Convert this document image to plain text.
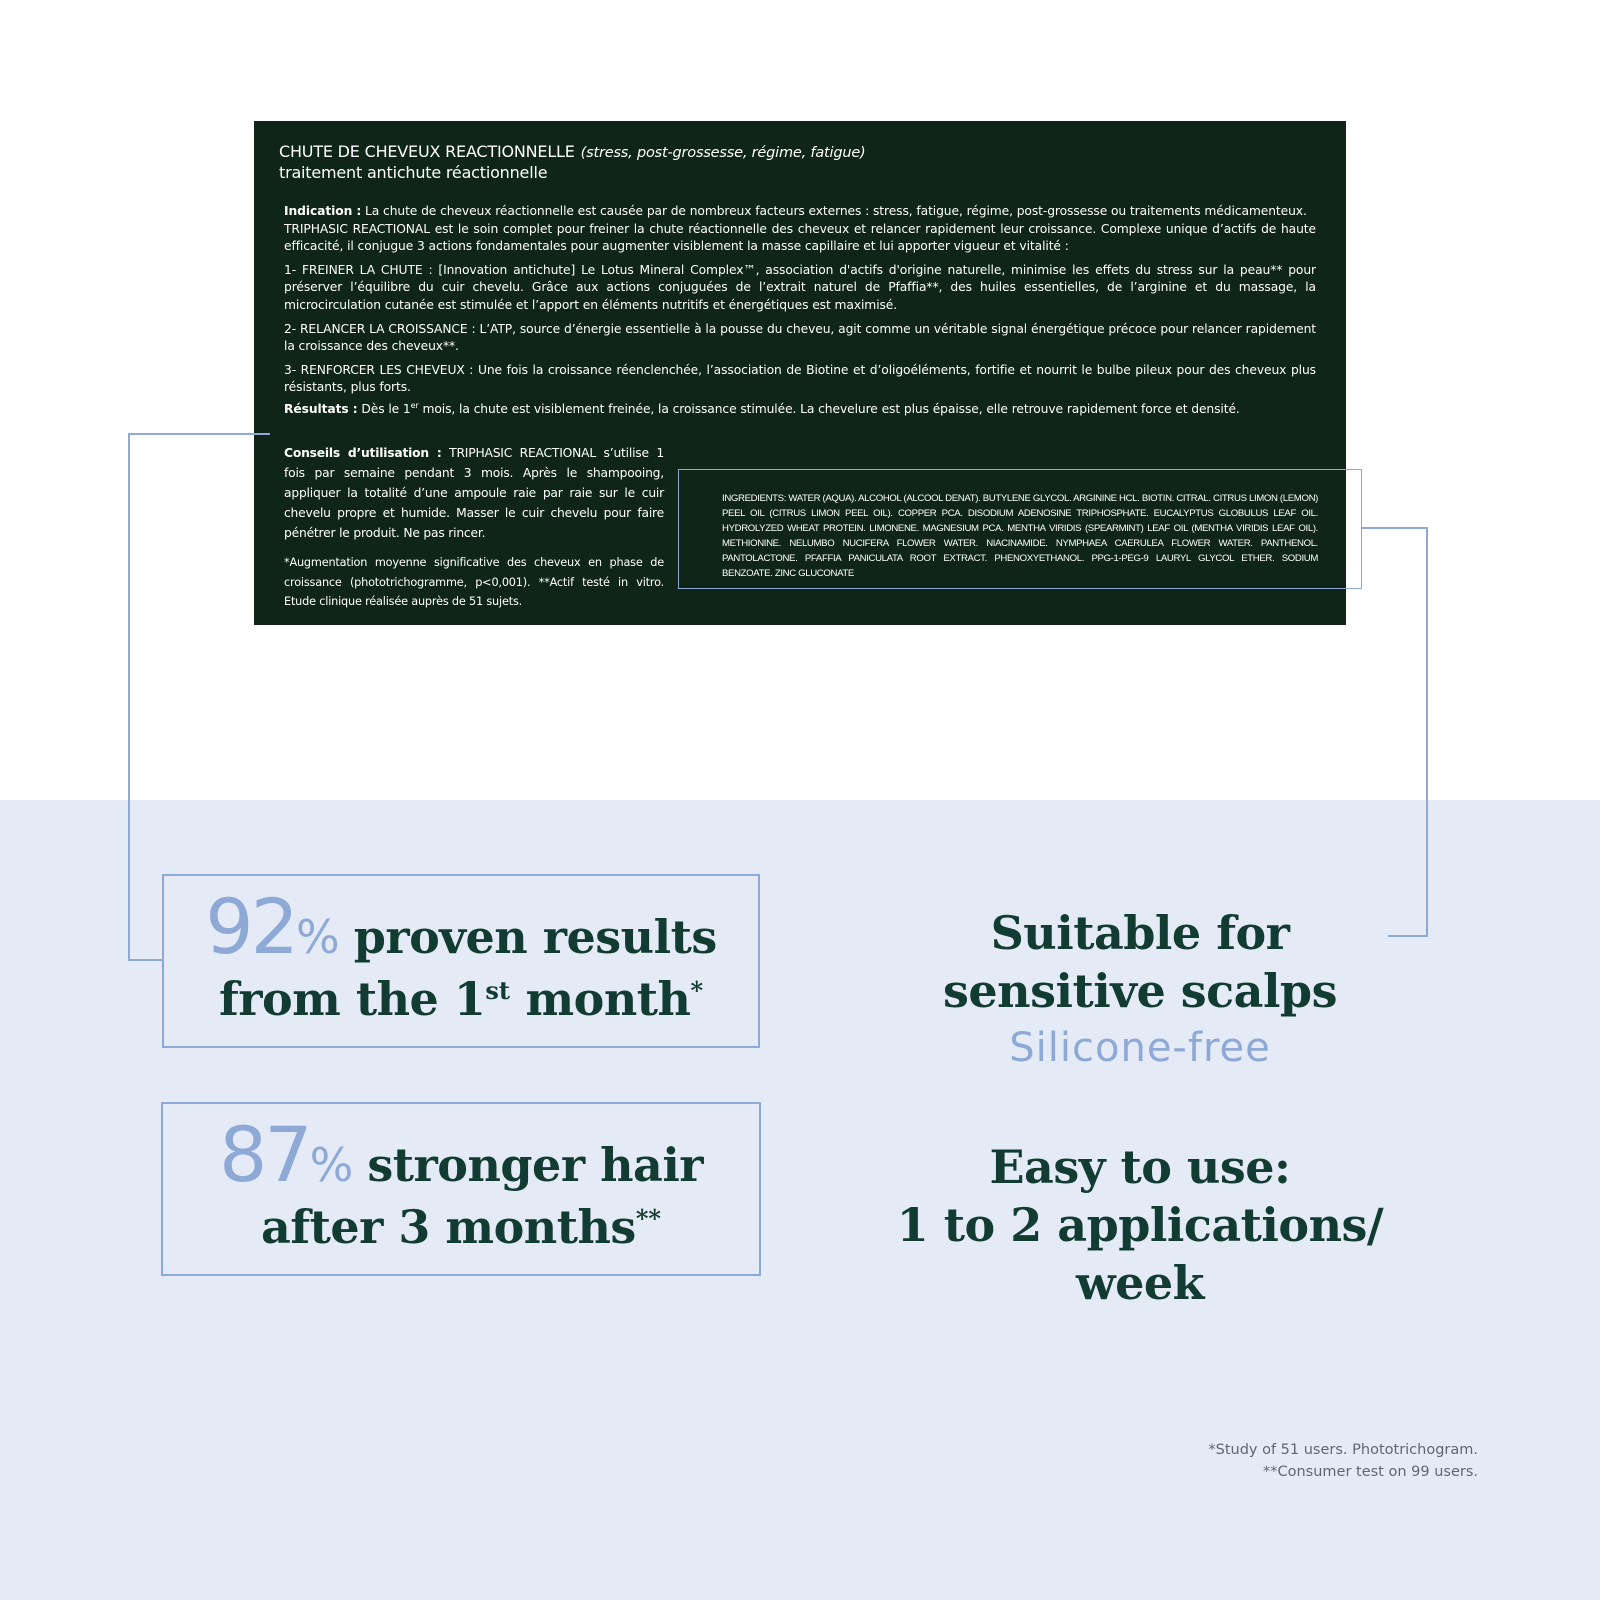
CHUTE DE CHEVEUX REACTIONNELLE (stress, post-grossesse, régime, fatigue)
traitement antichute réactionnelle

Indication : La chute de cheveux réactionnelle est causée par de nombreux facteurs externes : stress, fatigue, régime, post-grossesse ou traitements médicamenteux.

TRIPHASIC REACTIONAL est le soin complet pour freiner la chute réactionnelle des cheveux et relancer rapidement leur croissance. Complexe unique d’actifs de haute efficacité, il conjugue 3 actions fondamentales pour augmenter visiblement la masse capillaire et lui apporter vigueur et vitalité :

1- FREINER LA CHUTE : [Innovation antichute] Le Lotus Mineral Complex™, association d'actifs d'origine naturelle, minimise les effets du stress sur la peau** pour préserver l’équilibre du cuir chevelu. Grâce aux actions conjuguées de l’extrait naturel de Pfaffia**, des huiles essentielles, de l’arginine et du massage, la microcirculation cutanée est stimulée et l’apport en éléments nutritifs et énergétiques est maximisé.

2- RELANCER LA CROISSANCE : L’ATP, source d’énergie essentielle à la pousse du cheveu, agit comme un véritable signal énergétique précoce pour relancer rapidement la croissance des cheveux**.

3- RENFORCER LES CHEVEUX : Une fois la croissance réenclenchée, l’association de Biotine et d’oligoéléments, fortifie et nourrit le bulbe pileux pour des cheveux plus résistants, plus forts.

Résultats : Dès le 1er mois, la chute est visiblement freinée, la croissance stimulée. La chevelure est plus épaisse, elle retrouve rapidement force et densité.

Conseils d’utilisation : TRIPHASIC REACTIONAL s’utilise 1 fois par semaine pendant 3 mois. Après le shampooing, appliquer la totalité d’une ampoule raie par raie sur le cuir chevelu propre et humide. Masser le cuir chevelu pour faire pénétrer le produit. Ne pas rincer.

*Augmentation moyenne significative des cheveux en phase de croissance (phototrichogramme, p<0,001). **Actif testé in vitro. Etude clinique réalisée auprès de 51 sujets.
INGREDIENTS: WATER (AQUA). ALCOHOL (ALCOOL DENAT). BUTYLENE GLYCOL. ARGININE HCL. BIOTIN. CITRAL. CITRUS LIMON (LEMON) PEEL OIL (CITRUS LIMON PEEL OIL). COPPER PCA. DISODIUM ADENOSINE TRIPHOSPHATE. EUCALYPTUS GLOBULUS LEAF OIL. HYDROLYZED WHEAT PROTEIN. LIMONENE. MAGNESIUM PCA. MENTHA VIRIDIS (SPEARMINT) LEAF OIL (MENTHA VIRIDIS LEAF OIL). METHIONINE. NELUMBO NUCIFERA FLOWER WATER. NIACINAMIDE. NYMPHAEA CAERULEA FLOWER WATER. PANTHENOL. PANTOLACTONE. PFAFFIA PANICULATA ROOT EXTRACT. PHENOXYETHANOL. PPG-1-PEG-9 LAURYL GLYCOL ETHER. SODIUM BENZOATE. ZINC GLUCONATE
92% proven results
from the 1st month*
87% stronger hair
after 3 months**
Suitable for
sensitive scalps
Silicone-free
Easy to use:
1 to 2 applications/
week
*Study of 51 users. Phototrichogram.
**Consumer test on 99 users.
